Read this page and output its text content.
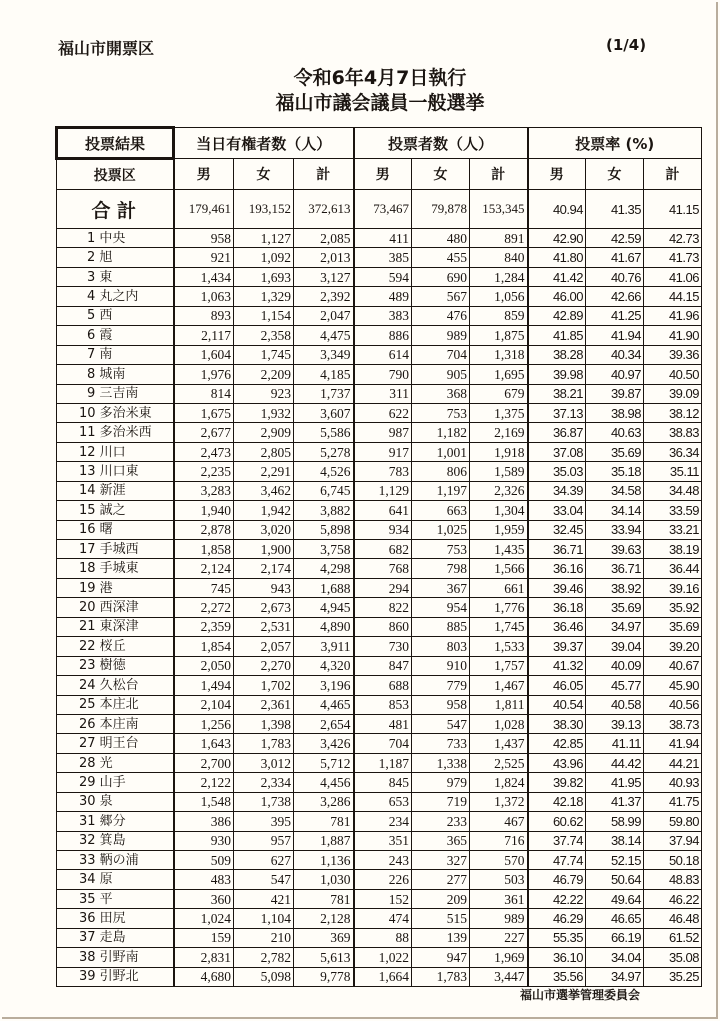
福山市開票区	(1/4)
令和6年4月7日執行
福山市議会議員一般選挙
投票結果	当日有権者数（人）			投票者数（人）			投票率 (%)		
投票区	男	女	計	男	女	計	男	女	計
合 計	179,461	193,152	372,613	73,467	79,878	153,345	40.94	41.35	41.15
1 中央	958	1,127	2,085	411	480	891	42.90	42.59	42.73
2 旭	921	1,092	2,013	385	455	840	41.80	41.67	41.73
3 東	1,434	1,693	3,127	594	690	1,284	41.42	40.76	41.06
4 丸之内	1,063	1,329	2,392	489	567	1,056	46.00	42.66	44.15
5 西	893	1,154	2,047	383	476	859	42.89	41.25	41.96
6 霞	2,117	2,358	4,475	886	989	1,875	41.85	41.94	41.90
7 南	1,604	1,745	3,349	614	704	1,318	38.28	40.34	39.36
8 城南	1,976	2,209	4,185	790	905	1,695	39.98	40.97	40.50
9 三吉南	814	923	1,737	311	368	679	38.21	39.87	39.09
10 多治米東	1,675	1,932	3,607	622	753	1,375	37.13	38.98	38.12
11 多治米西	2,677	2,909	5,586	987	1,182	2,169	36.87	40.63	38.83
12 川口	2,473	2,805	5,278	917	1,001	1,918	37.08	35.69	36.34
13 川口東	2,235	2,291	4,526	783	806	1,589	35.03	35.18	35.11
14 新涯	3,283	3,462	6,745	1,129	1,197	2,326	34.39	34.58	34.48
15 誠之	1,940	1,942	3,882	641	663	1,304	33.04	34.14	33.59
16 曙	2,878	3,020	5,898	934	1,025	1,959	32.45	33.94	33.21
17 手城西	1,858	1,900	3,758	682	753	1,435	36.71	39.63	38.19
18 手城東	2,124	2,174	4,298	768	798	1,566	36.16	36.71	36.44
19 港	745	943	1,688	294	367	661	39.46	38.92	39.16
20 西深津	2,272	2,673	4,945	822	954	1,776	36.18	35.69	35.92
21 東深津	2,359	2,531	4,890	860	885	1,745	36.46	34.97	35.69
22 桜丘	1,854	2,057	3,911	730	803	1,533	39.37	39.04	39.20
23 樹徳	2,050	2,270	4,320	847	910	1,757	41.32	40.09	40.67
24 久松台	1,494	1,702	3,196	688	779	1,467	46.05	45.77	45.90
25 本庄北	2,104	2,361	4,465	853	958	1,811	40.54	40.58	40.56
26 本庄南	1,256	1,398	2,654	481	547	1,028	38.30	39.13	38.73
27 明王台	1,643	1,783	3,426	704	733	1,437	42.85	41.11	41.94
28 光	2,700	3,012	5,712	1,187	1,338	2,525	43.96	44.42	44.21
29 山手	2,122	2,334	4,456	845	979	1,824	39.82	41.95	40.93
30 泉	1,548	1,738	3,286	653	719	1,372	42.18	41.37	41.75
31 郷分	386	395	781	234	233	467	60.62	58.99	59.80
32 箕島	930	957	1,887	351	365	716	37.74	38.14	37.94
33 鞆の浦	509	627	1,136	243	327	570	47.74	52.15	50.18
34 原	483	547	1,030	226	277	503	46.79	50.64	48.83
35 平	360	421	781	152	209	361	42.22	49.64	46.22
36 田尻	1,024	1,104	2,128	474	515	989	46.29	46.65	46.48
37 走島	159	210	369	88	139	227	55.35	66.19	61.52
38 引野南	2,831	2,782	5,613	1,022	947	1,969	36.10	34.04	35.08
39 引野北	4,680	5,098	9,778	1,664	1,783	3,447	35.56	34.97	35.25
福山市選挙管理委員会
